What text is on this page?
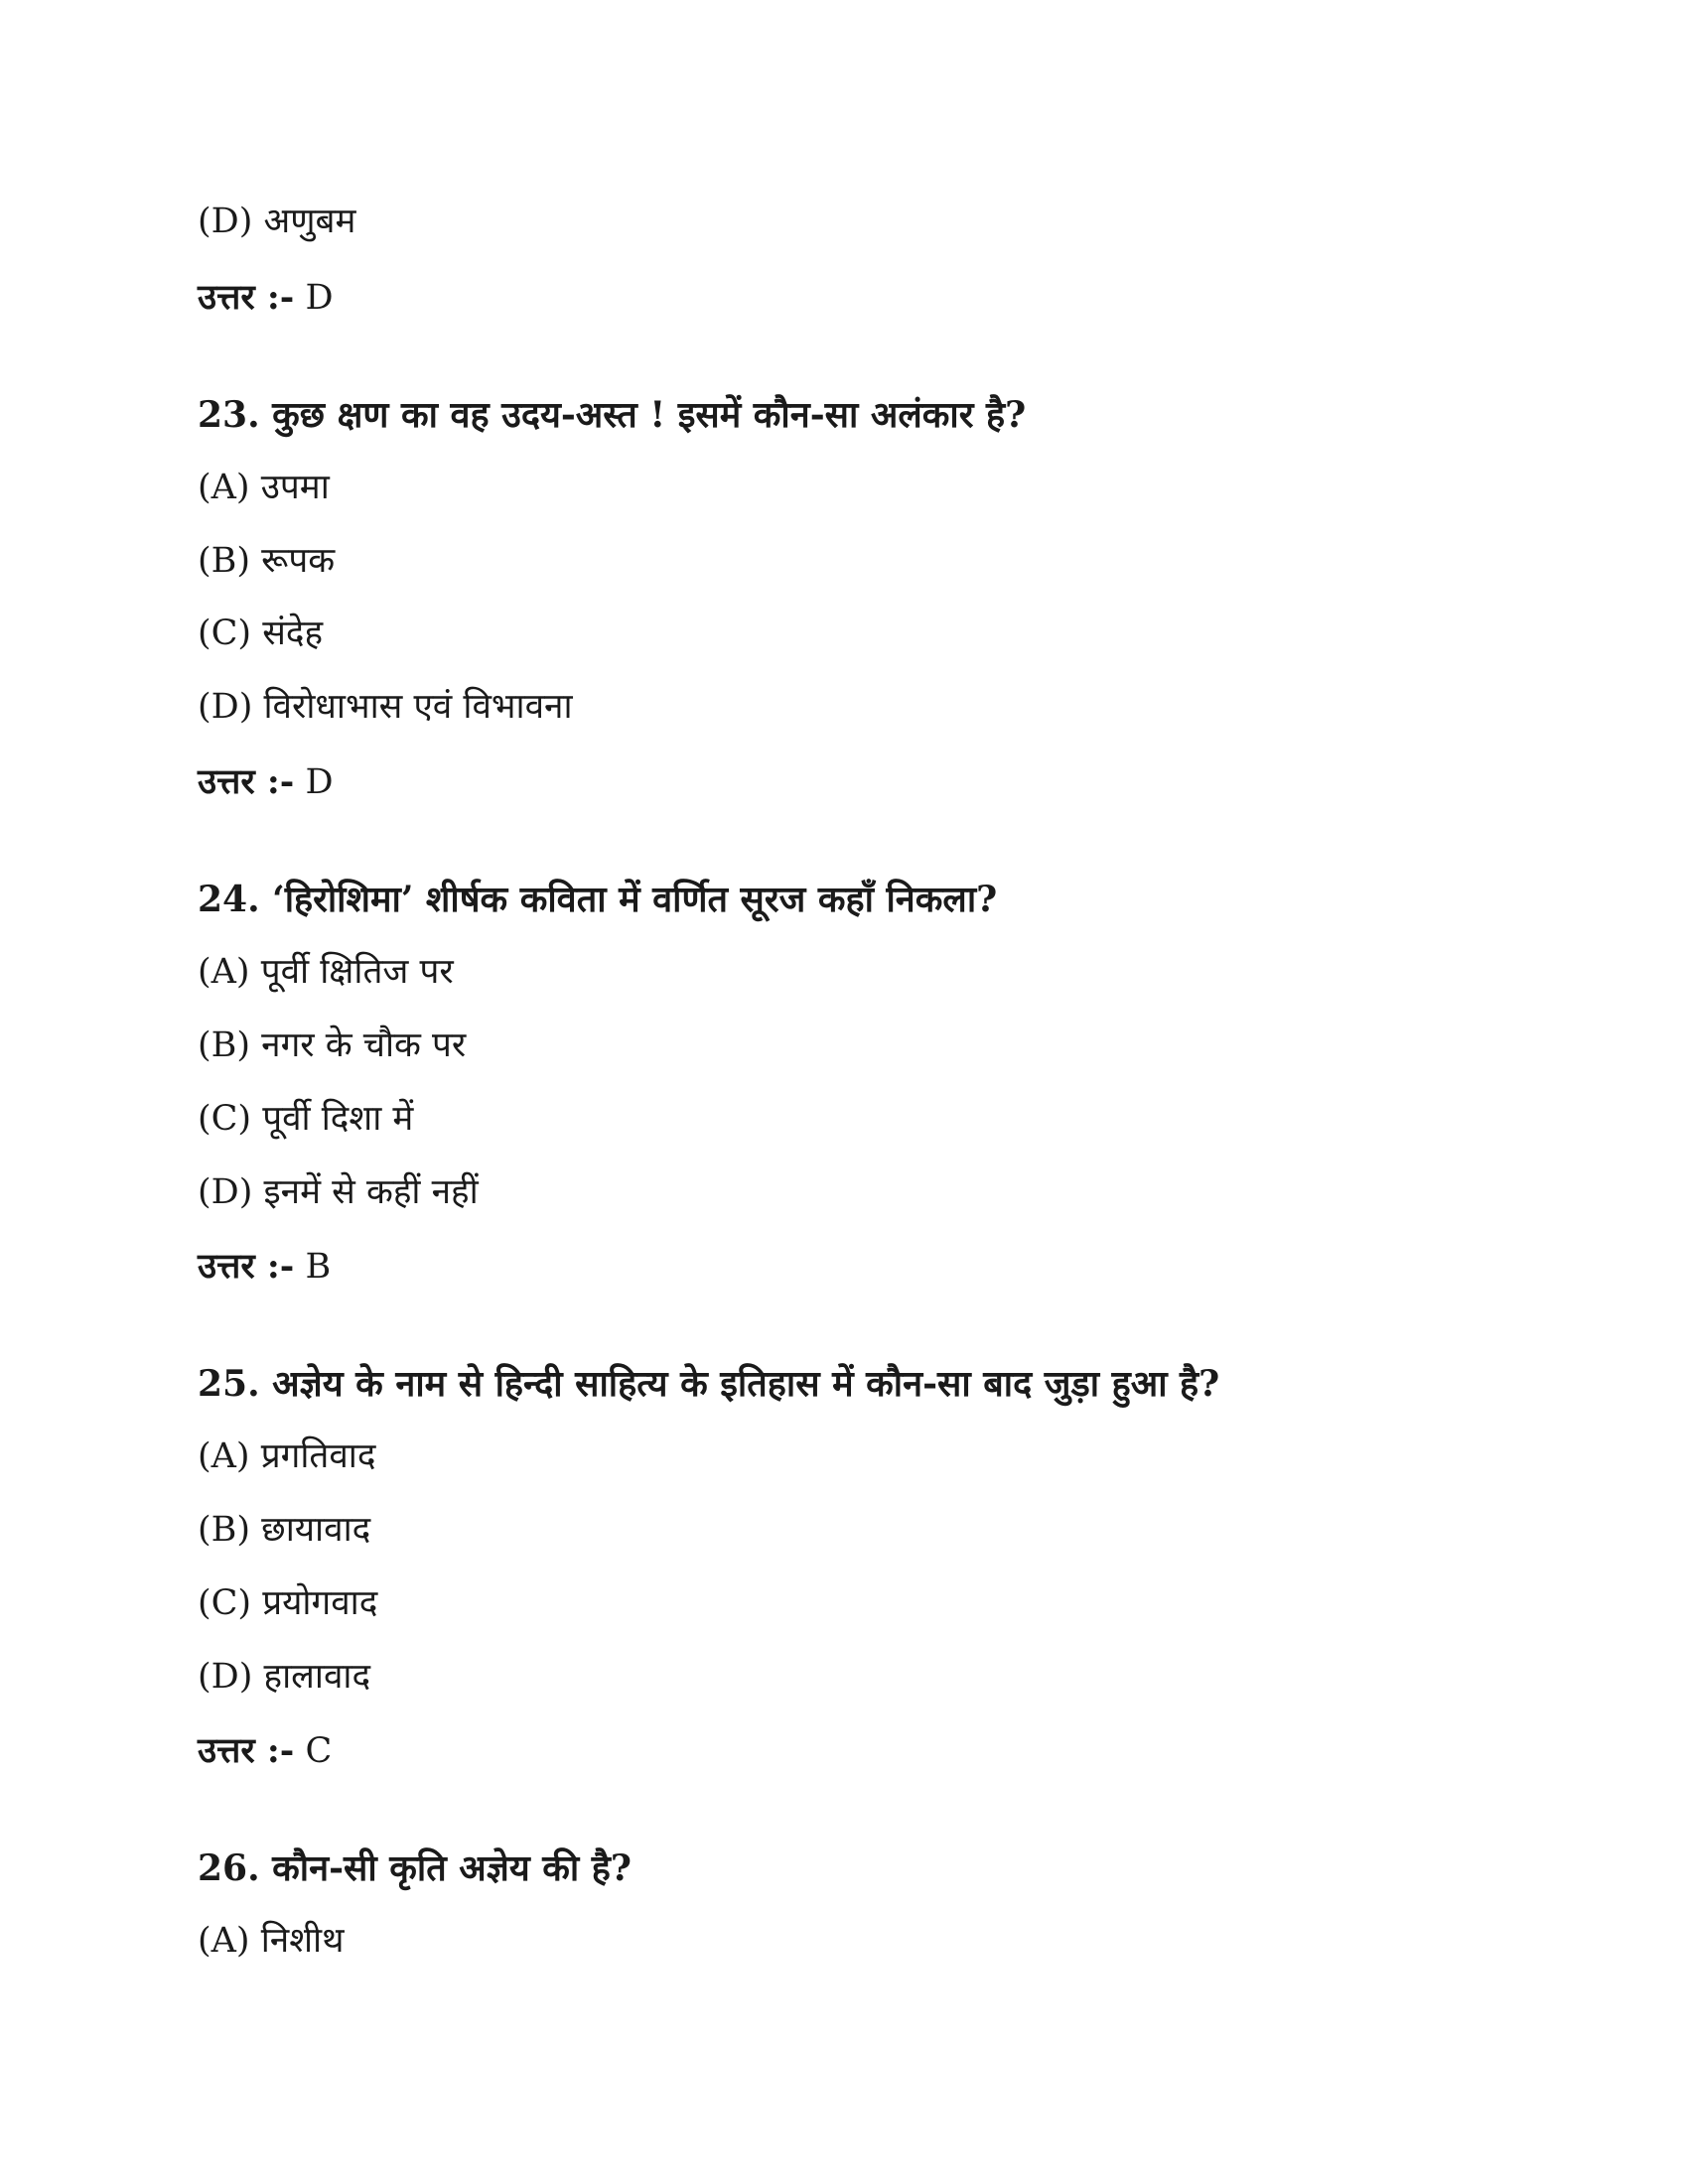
(D) अणुबम
उत्तर :- D
23. कुछ क्षण का वह उदय-अस्त ! इसमें कौन-सा अलंकार है?
(A) उपमा
(B) रूपक
(C) संदेह
(D) विरोधाभास एवं विभावना
उत्तर :- D
24. ‘हिरोशिमा’ शीर्षक कविता में वर्णित सूरज कहाँ निकला?
(A) पूर्वी क्षितिज पर
(B) नगर के चौक पर
(C) पूर्वी दिशा में
(D) इनमें से कहीं नहीं
उत्तर :- B
25. अज्ञेय के नाम से हिन्दी साहित्य के इतिहास में कौन-सा बाद जुड़ा हुआ है?
(A) प्रगतिवाद
(B) छायावाद
(C) प्रयोगवाद
(D) हालावाद
उत्तर :- C
26. कौन-सी कृति अज्ञेय की है?
(A) निशीथ
